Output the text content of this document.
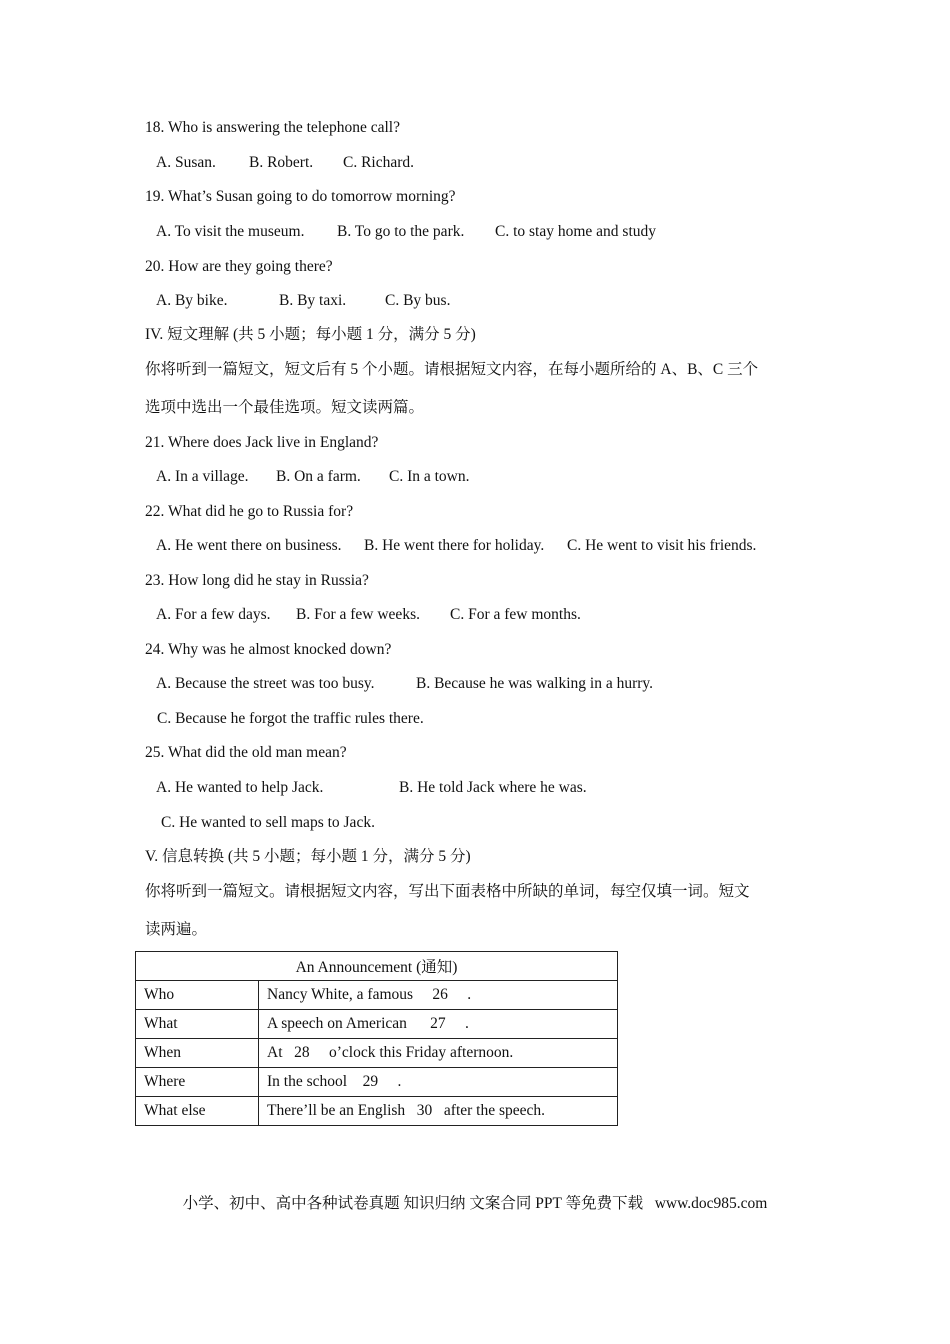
18. Who is answering the telephone call?
A. Susan. B. Robert. C. Richard.
19. What’s Susan going to do tomorrow morning?
A. To visit the museum. B. To go to the park. C. to stay home and study
20. How are they going there?
A. By bike.	B. By taxi.	C. By bus.
IV. 短文理解 (共 5 小题；每小题 1 分，满分 5 分)
你将听到一篇短文，短文后有 5 个小题。请根据短文内容，在每小题所给的 A、B、C 三个
选项中选出一个最佳选项。短文读两篇。
21. Where does Jack live in England?
A. In a village. B. On a farm. C. In a town.
22. What did he go to Russia for?
A. He went there on business. B. He went there for holiday. C. He went to visit his friends.
23. How long did he stay in Russia?
A. For a few days. B. For a few weeks. C. For a few months.
24. Why was he almost knocked down?
A. Because the street was too busy.	B. Because he was walking in a hurry.
C. Because he forgot the traffic rules there.
25. What did the old man mean?
A. He wanted to help Jack.	B. He told Jack where he was.
C. He wanted to sell maps to Jack.
V. 信息转换 (共 5 小题；每小题 1 分，满分 5 分)
你将听到一篇短文。请根据短文内容，写出下面表格中所缺的单词，每空仅填一词。短文
读两遍。
An Announcement (通知)	
Who	Nancy White, a famous     26     .
What	A speech on American      27     .
When	At   28     o’clock this Friday afternoon.
Where	In the school    29     .
What else	There’ll be an English   30   after the speech.
小学、初中、高中各种试卷真题 知识归纳 文案合同 PPT 等免费下载   www.doc985.com
